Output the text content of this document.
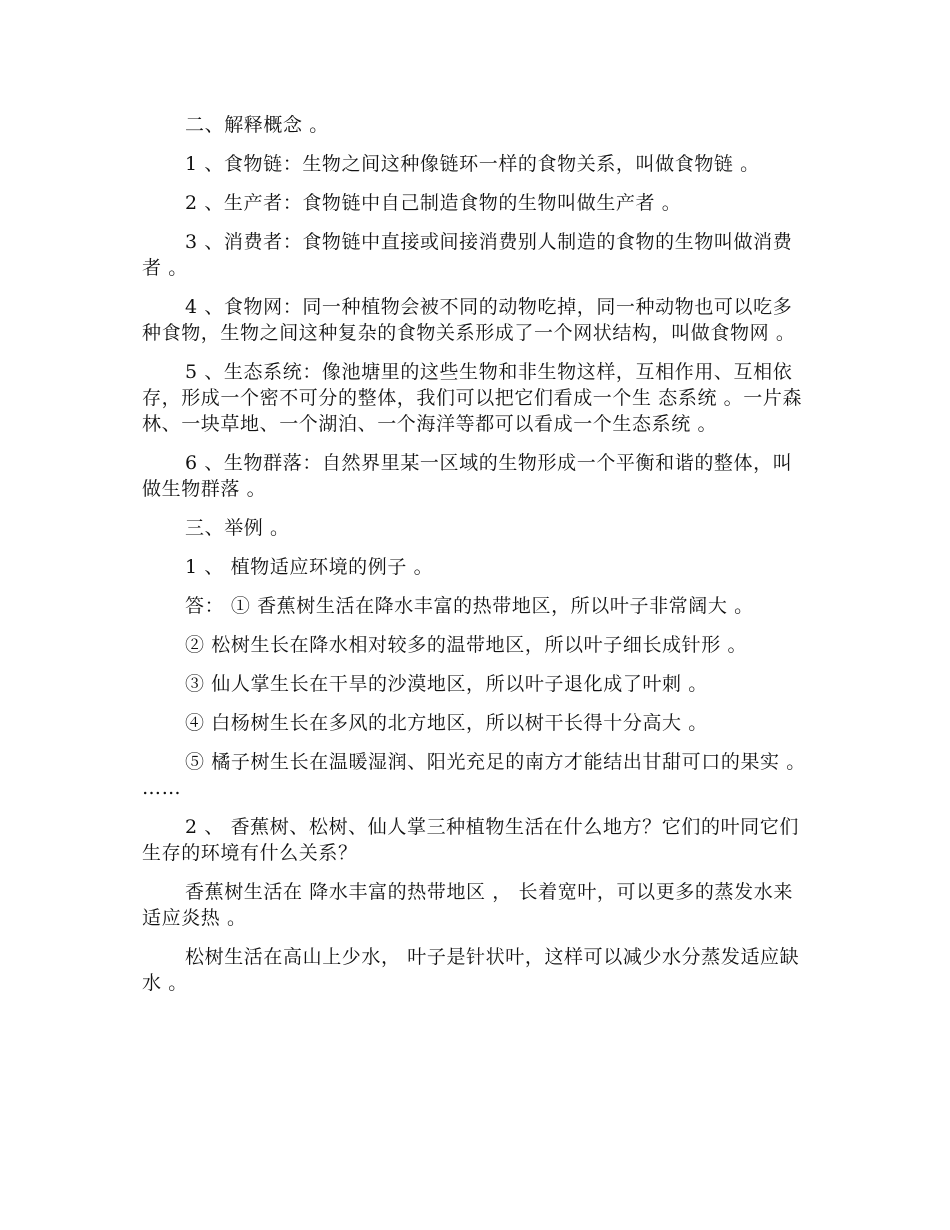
二、解释概念 。

1 、食物链：生物之间这种像链环一样的食物关系，叫做食物链 。

2 、生产者：食物链中自己制造食物的生物叫做生产者 。

3 、消费者：食物链中直接或间接消费别人制造的食物的生物叫做消费者 。

4 、食物网：同一种植物会被不同的动物吃掉，同一种动物也可以吃多种食物，生物之间这种复杂的食物关系形成了一个网状结构，叫做食物网 。

5 、生态系统：像池塘里的这些生物和非生物这样，互相作用、互相依存，形成一个密不可分的整体，我们可以把它们看成一个生 态系统 。一片森林、一块草地、一个湖泊、一个海洋等都可以看成一个生态系统 。

6 、生物群落：自然界里某一区域的生物形成一个平衡和谐的整体，叫做生物群落 。

三、举例 。

1 、 植物适应环境的例子 。

答： ① 香蕉树生活在降水丰富的热带地区，所以叶子非常阔大 。

② 松树生长在降水相对较多的温带地区，所以叶子细长成针形 。

③ 仙人掌生长在干旱的沙漠地区，所以叶子退化成了叶刺 。

④ 白杨树生长在多风的北方地区，所以树干长得十分高大 。

⑤ 橘子树生长在温暖湿润、阳光充足的南方才能结出甘甜可口的果实 。 ……

2 、 香蕉树、松树、仙人掌三种植物生活在什么地方？它们的叶同它们生存的环境有什么关系？

香蕉树生活在 降水丰富的热带地区 ， 长着宽叶，可以更多的蒸发水来适应炎热 。

松树生活在高山上少水， 叶子是针状叶，这样可以减少水分蒸发适应缺水 。
